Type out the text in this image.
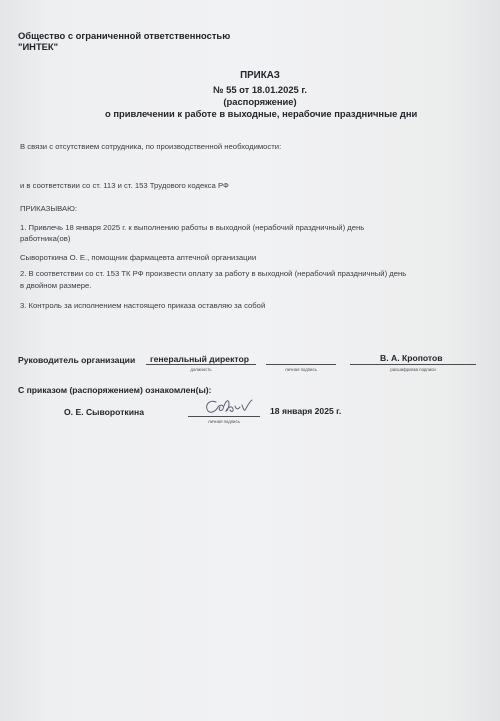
Общество с ограниченной ответственностью
"ИНТЕК"
ПРИКАЗ
№ 55 от 18.01.2025 г.
(распоряжение)
о привлечении к работе в выходные, нерабочие праздничные дни
В связи с отсутствием сотрудника, по производственной необходимости:
и в соответствии со ст. 113 и ст. 153 Трудового кодекса РФ
ПРИКАЗЫВАЮ:
1. Привлечь 18 января 2025 г. к выполнению работы в выходной (нерабочий праздничный) день
работника(ов)
Сывороткина О. Е., помощник фармацевта аптечной организации
2. В соответствии со ст. 153 ТК РФ произвести оплату за работу в выходной (нерабочий праздничный) день
в двойном размере.
3. Контроль за исполнением настоящего приказа оставляю за собой
Руководитель организации генеральный директор
должность	личная подпись
В. А. Кропотов
расшифровка подписи
С приказом (распоряжением) ознакомлен(ы):
О. Е. Сывороткина
личная подпись
18 января 2025 г.
